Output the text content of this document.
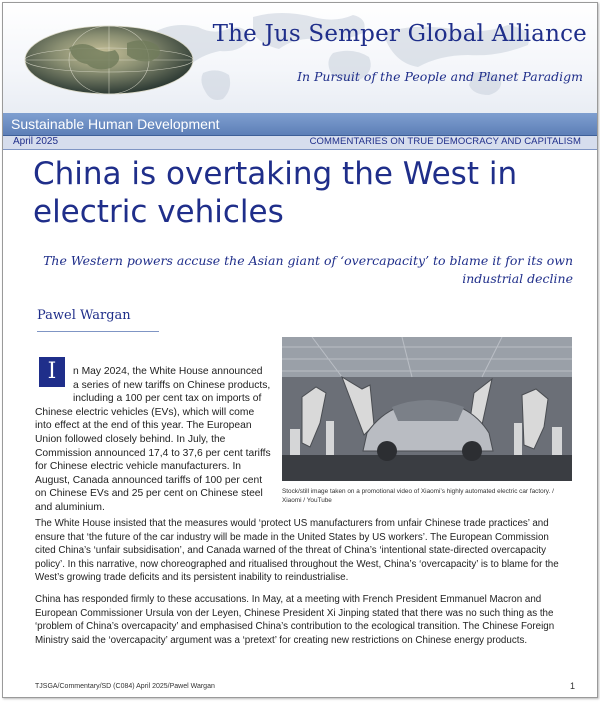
The Jus Semper Global Alliance
In Pursuit of the People and Planet Paradigm
Sustainable Human Development
April 2025	COMMENTARIES ON TRUE DEMOCRACY AND CAPITALISM
China is overtaking the West in electric vehicles
The Western powers accuse the Asian giant of ‘overcapacity’ to blame it for its own industrial decline
Pawel Wargan
I	n May 2024, the White House announced a series of new tariffs on Chinese products, including a 100 per cent tax on imports of Chinese electric vehicles (EVs), which will come into effect at the end of this year. The European Union followed closely behind. In July, the Commission announced 17,4 to 37,6 per cent tariffs for Chinese electric vehicle manufacturers. In August, Canada announced tariffs of 100 per cent on Chinese EVs and 25 per cent on Chinese steel and aluminium.
Stock/still image taken on a promotional video of Xiaomi’s highly automated electric car factory. / Xiaomi / YouTube
The White House insisted that the measures would ‘protect US manufacturers from unfair Chinese trade practices’ and ensure that ‘the future of the car industry will be made in the United States by US workers’. The European Commission cited China’s ‘unfair subsidisation’, and Canada warned of the threat of China’s ‘intentional state-directed overcapacity policy’. In this narrative, now choreographed and ritualised throughout the West, China’s ‘overcapacity’ is to blame for the West’s growing trade deficits and its persistent inability to reindustrialise.
China has responded firmly to these accusations. In May, at a meeting with French President Emmanuel Macron and European Commissioner Ursula von der Leyen, Chinese President Xi Jinping stated that there was no such thing as the ‘problem of China’s overcapacity’ and emphasised China’s contribution to the ecological transition. The Chinese Foreign Ministry said the ‘overcapacity’ argument was a ‘pretext’ for creating new restrictions on Chinese energy products.
TJSGA/Commentary/SD (C084) April 2025/Pawel Wargan	1
